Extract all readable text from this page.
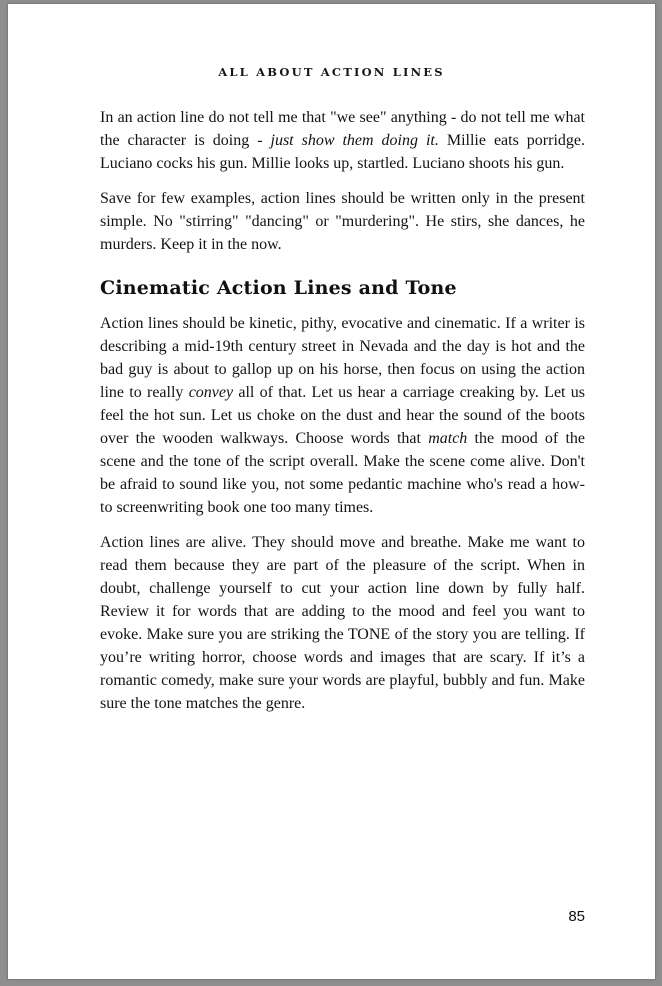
ALL ABOUT ACTION LINES

In an action line do not tell me that "we see" anything - do not tell me what the character is doing - just show them doing it. Millie eats porridge. Luciano cocks his gun. Millie looks up, startled. Luciano shoots his gun.

Save for few examples, action lines should be written only in the present simple. No "stirring" "dancing" or "murdering". He stirs, she dances, he murders. Keep it in the now.

Cinematic Action Lines and Tone

Action lines should be kinetic, pithy, evocative and cinematic. If a writer is describing a mid-19th century street in Nevada and the day is hot and the bad guy is about to gallop up on his horse, then focus on using the action line to really convey all of that. Let us hear a carriage creaking by. Let us feel the hot sun. Let us choke on the dust and hear the sound of the boots over the wooden walkways. Choose words that match the mood of the scene and the tone of the script overall. Make the scene come alive. Don't be afraid to sound like you, not some pedantic machine who's read a how-to screenwriting book one too many times.

Action lines are alive. They should move and breathe. Make me want to read them because they are part of the pleasure of the script. When in doubt, challenge yourself to cut your action line down by fully half. Review it for words that are adding to the mood and feel you want to evoke. Make sure you are striking the TONE of the story you are telling. If you’re writing horror, choose words and images that are scary. If it’s a romantic comedy, make sure your words are playful, bubbly and fun. Make sure the tone matches the genre.

85
